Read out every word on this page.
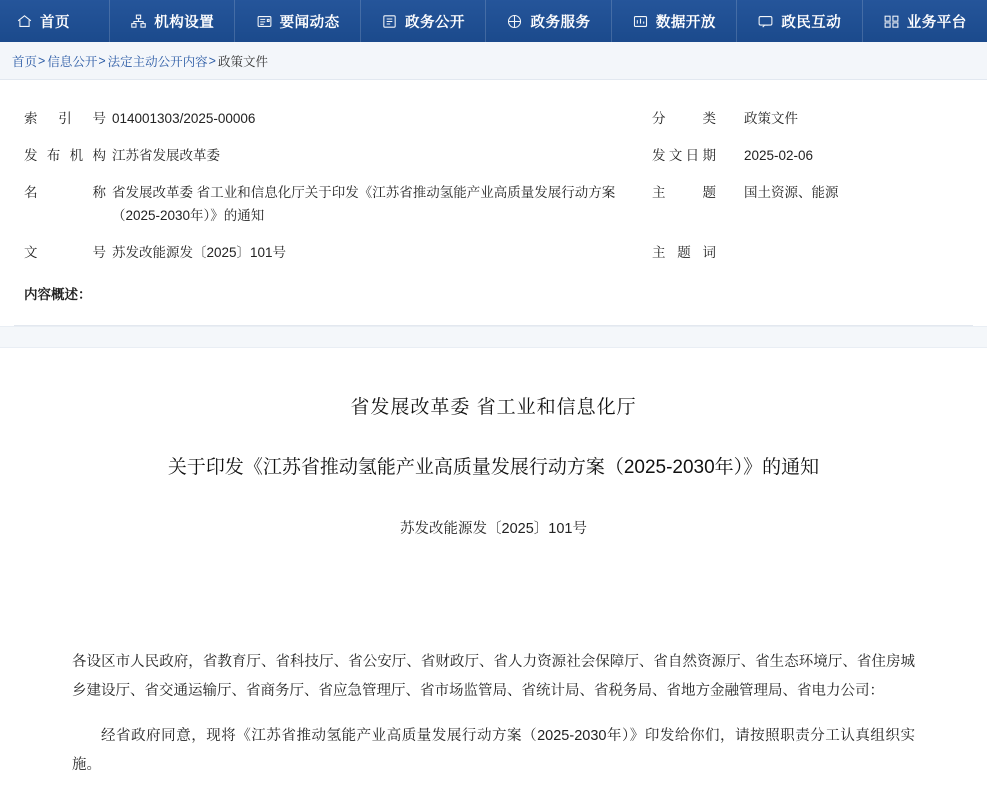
首页	机构设置	要闻动态	政务公开	政务服务	数据开放	政民互动	业务平台
首页 > 信息公开 > 法定主动公开内容 > 政策文件
索引号 014001303/2025-00006	分类	政策文件
发布机构 江苏省发展改革委	发文日期	2025-02-06
名称 省发展改革委 省工业和信息化厅关于印发《江苏省推动氢能产业高质量发展行动方案（2025-2030年）》的通知
主题	国土资源、能源
文号 苏发改能源发〔2025〕101号	主题词
内容概述：
省发展改革委 省工业和信息化厅
关于印发《江苏省推动氢能产业高质量发展行动方案（2025-2030年）》的通知
苏发改能源发〔2025〕101号

各设区市人民政府，省教育厅、省科技厅、省公安厅、省财政厅、省人力资源社会保障厅、省自然资源厅、省生态环境厅、省住房城乡建设厅、省交通运输厅、省商务厅、省应急管理厅、省市场监管局、省统计局、省税务局、省地方金融管理局、省电力公司：

经省政府同意，现将《江苏省推动氢能产业高质量发展行动方案（2025-2030年）》印发给你们，请按照职责分工认真组织实施。
